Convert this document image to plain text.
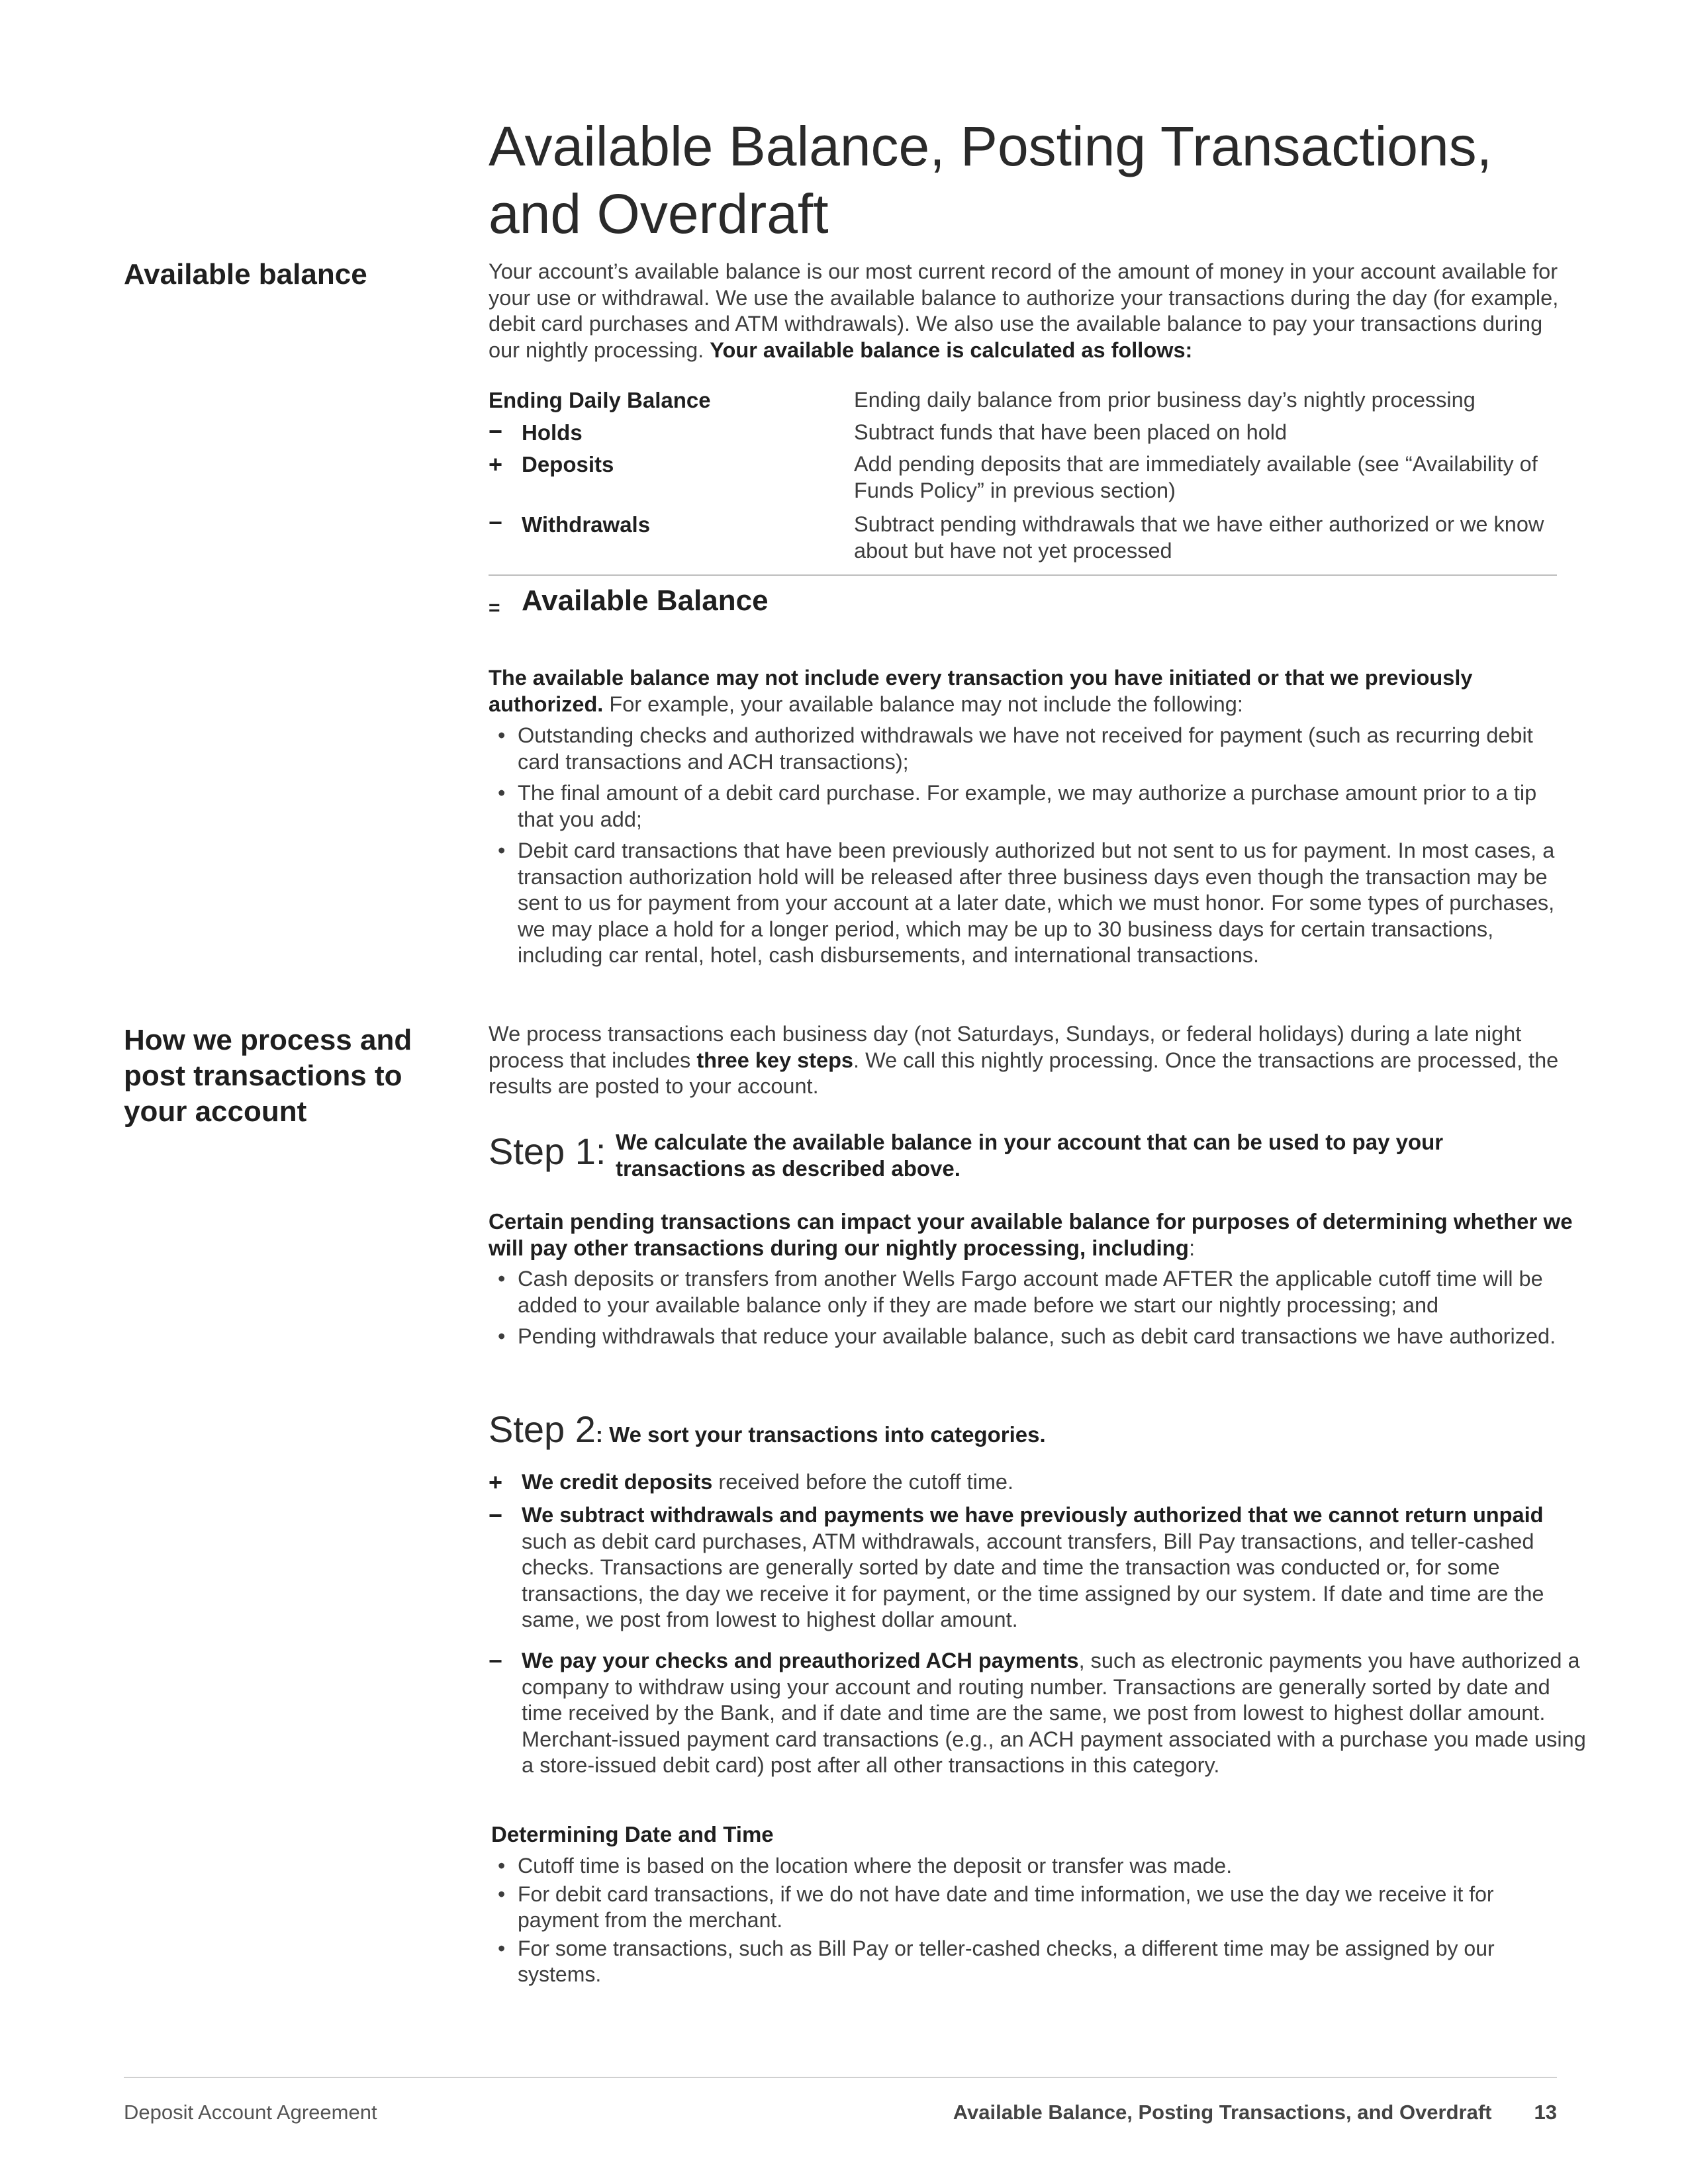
Available Balance, Posting Transactions,
and Overdraft
Available balance	Your account’s available balance is our most current record of the amount of money in your account available for your use or withdrawal. We use the available balance to authorize your transactions during the day (for example, debit card purchases and ATM withdrawals). We also use the available balance to pay your transactions during our nightly processing. Your available balance is calculated as follows:

Ending Daily Balance	Ending daily balance from prior business day’s nightly processing
− Holds	Subtract funds that have been placed on hold
+ Deposits	Add pending deposits that are immediately available (see “Availability of Funds Policy” in previous section)
− Withdrawals	Subtract pending withdrawals that we have either authorized or we know about but have not yet processed
= Available Balance

The available balance may not include every transaction you have initiated or that we previously authorized. For example, your available balance may not include the following:

• Outstanding checks and authorized withdrawals we have not received for payment (such as recurring debit card transactions and ACH transactions);
• The final amount of a debit card purchase. For example, we may authorize a purchase amount prior to a tip that you add;
• Debit card transactions that have been previously authorized but not sent to us for payment. In most cases, a transaction authorization hold will be released after three business days even though the transaction may be sent to us for payment from your account at a later date, which we must honor. For some types of purchases, we may place a hold for a longer period, which may be up to 30 business days for certain transactions, including car rental, hotel, cash disbursements, and international transactions.
How we process and post transactions to your account

We process transactions each business day (not Saturdays, Sundays, or federal holidays) during a late night process that includes three key steps. We call this nightly processing. Once the transactions are processed, the results are posted to your account.

Step 1: We calculate the available balance in your account that can be used to pay your transactions as described above.

Certain pending transactions can impact your available balance for purposes of determining whether we will pay other transactions during our nightly processing, including:

• Cash deposits or transfers from another Wells Fargo account made AFTER the applicable cutoff time will be added to your available balance only if they are made before we start our nightly processing; and
• Pending withdrawals that reduce your available balance, such as debit card transactions we have authorized.
Step 2: We sort your transactions into categories.
+ We credit deposits received before the cutoff time.
− We subtract withdrawals and payments we have previously authorized that we cannot return unpaid such as debit card purchases, ATM withdrawals, account transfers, Bill Pay transactions, and teller-cashed checks. Transactions are generally sorted by date and time the transaction was conducted or, for some transactions, the day we receive it for payment, or the time assigned by our system. If date and time are the same, we post from lowest to highest dollar amount.
− We pay your checks and preauthorized ACH payments, such as electronic payments you have authorized a company to withdraw using your account and routing number. Transactions are generally sorted by date and time received by the Bank, and if date and time are the same, we post from lowest to highest dollar amount. Merchant-issued payment card transactions (e.g., an ACH payment associated with a purchase you made using a store-issued debit card) post after all other transactions in this category.
Determining Date and Time
• Cutoff time is based on the location where the deposit or transfer was made.
• For debit card transactions, if we do not have date and time information, we use the day we receive it for payment from the merchant.
• For some transactions, such as Bill Pay or teller-cashed checks, a different time may be assigned by our systems.
Deposit Account Agreement	Available Balance, Posting Transactions, and Overdraft 13
